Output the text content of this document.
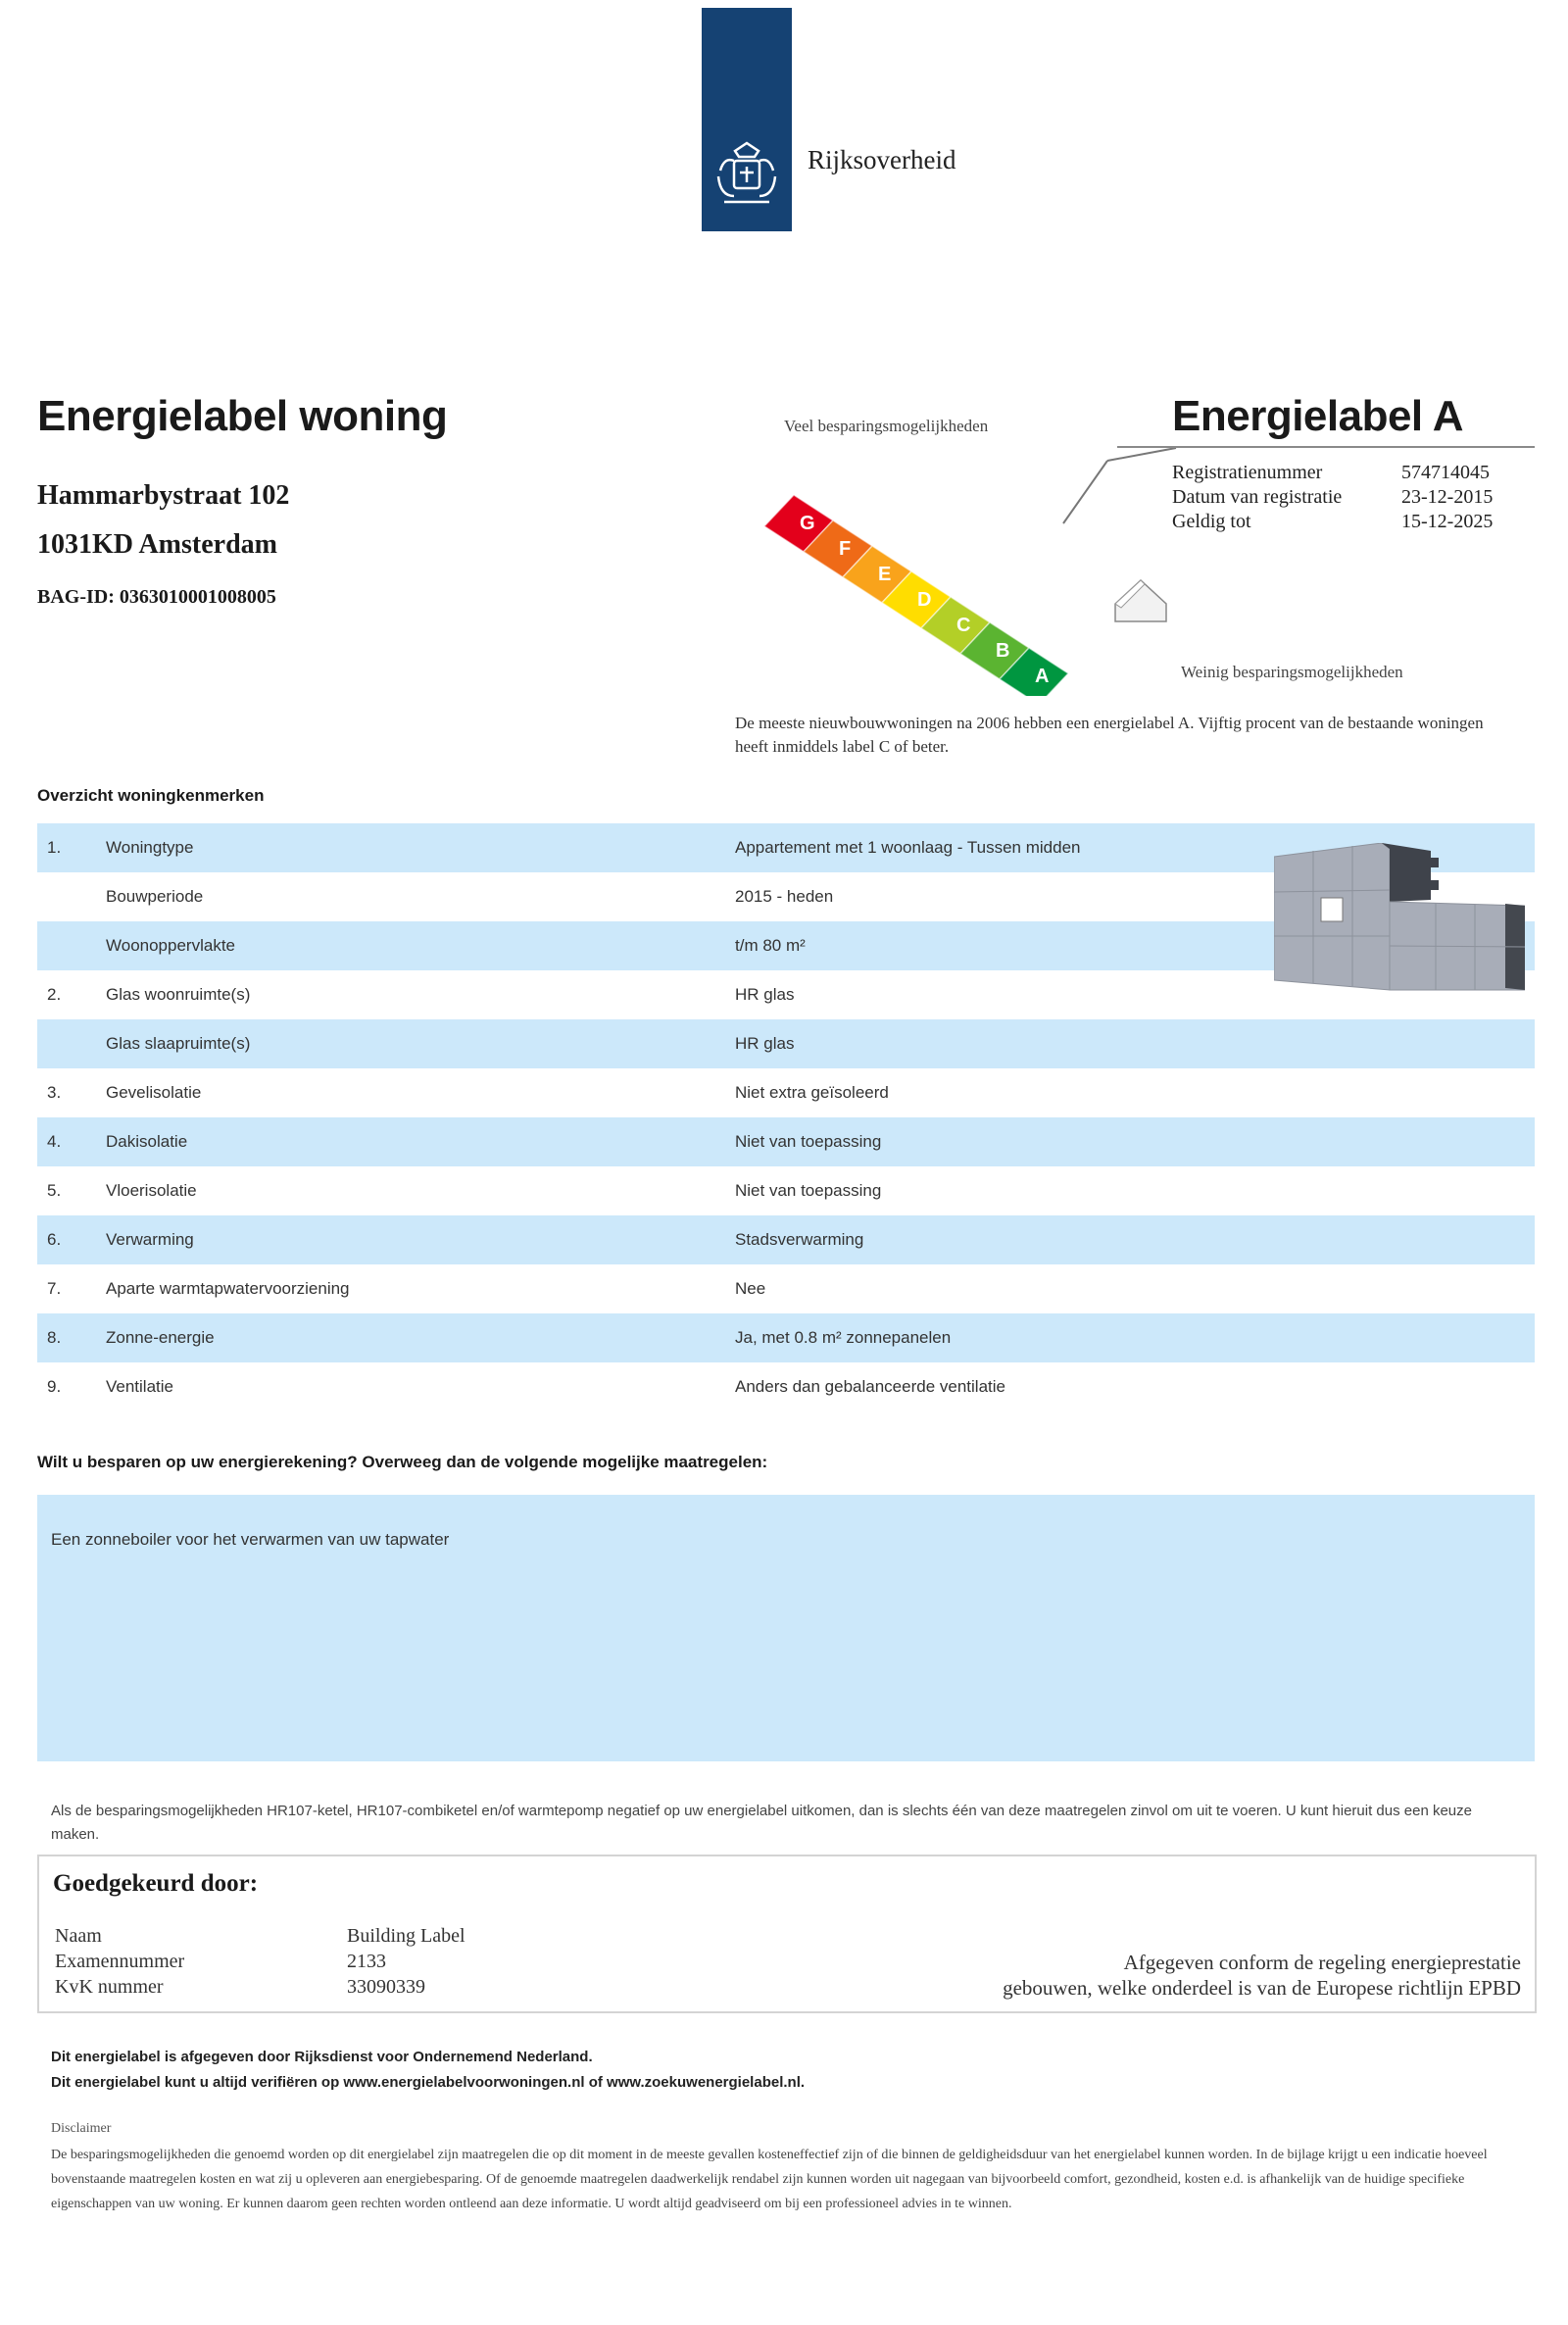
Rijksoverheid
Energielabel woning
Hammarbystraat 102
1031KD Amsterdam
BAG-ID: 0363010001008005
G
F
E
D
C
B
A
Veel besparingsmogelijkheden
Weinig besparingsmogelijkheden
Energielabel A
Registratienummer	574714045
Datum van registratie	23-12-2015
Geldig tot	15-12-2025
De meeste nieuwbouwwoningen na 2006 hebben een energielabel A. Vijftig procent van de bestaande woningen heeft inmiddels label C of beter.
Overzicht woningkenmerken
1.	Woningtype	Appartement met 1 woonlaag - Tussen midden
Bouwperiode	2015 - heden
Woonoppervlakte	t/m 80 m²
2.	Glas woonruimte(s)	HR glas
Glas slaapruimte(s)	HR glas
3.	Gevelisolatie	Niet extra geïsoleerd
4.	Dakisolatie	Niet van toepassing
5.	Vloerisolatie	Niet van toepassing
6.	Verwarming	Stadsverwarming
7.	Aparte warmtapwatervoorziening	Nee
8.	Zonne-energie	Ja, met 0.8 m² zonnepanelen
9.	Ventilatie	Anders dan gebalanceerde ventilatie
Wilt u besparen op uw energierekening? Overweeg dan de volgende mogelijke maatregelen:
Een zonneboiler voor het verwarmen van uw tapwater
Als de besparingsmogelijkheden HR107-ketel, HR107-combiketel en/of warmtepomp negatief op uw energielabel uitkomen, dan is slechts één van deze maatregelen zinvol om uit te voeren. U kunt hieruit dus een keuze maken.
Goedgekeurd door:
Naam	Building Label
Examennummer	2133
KvK nummer	33090339
Afgegeven conform de regeling energieprestatie
gebouwen, welke onderdeel is van de Europese richtlijn EPBD
Dit energielabel is afgegeven door Rijksdienst voor Ondernemend Nederland.
Dit energielabel kunt u altijd verifiëren op www.energielabelvoorwoningen.nl of www.zoekuwenergielabel.nl.
Disclaimer
De besparingsmogelijkheden die genoemd worden op dit energielabel zijn maatregelen die op dit moment in de meeste gevallen kosteneffectief zijn of die binnen de geldigheidsduur van het energielabel kunnen worden. In de bijlage krijgt u een indicatie hoeveel bovenstaande maatregelen kosten en wat zij u opleveren aan energiebesparing. Of de genoemde maatregelen daadwerkelijk rendabel zijn kunnen worden uit nagegaan van bijvoorbeeld comfort, gezondheid, kosten e.d. is afhankelijk van de huidige specifieke eigenschappen van uw woning. Er kunnen daarom geen rechten worden ontleend aan deze informatie. U wordt altijd geadviseerd om bij een professioneel advies in te winnen.
